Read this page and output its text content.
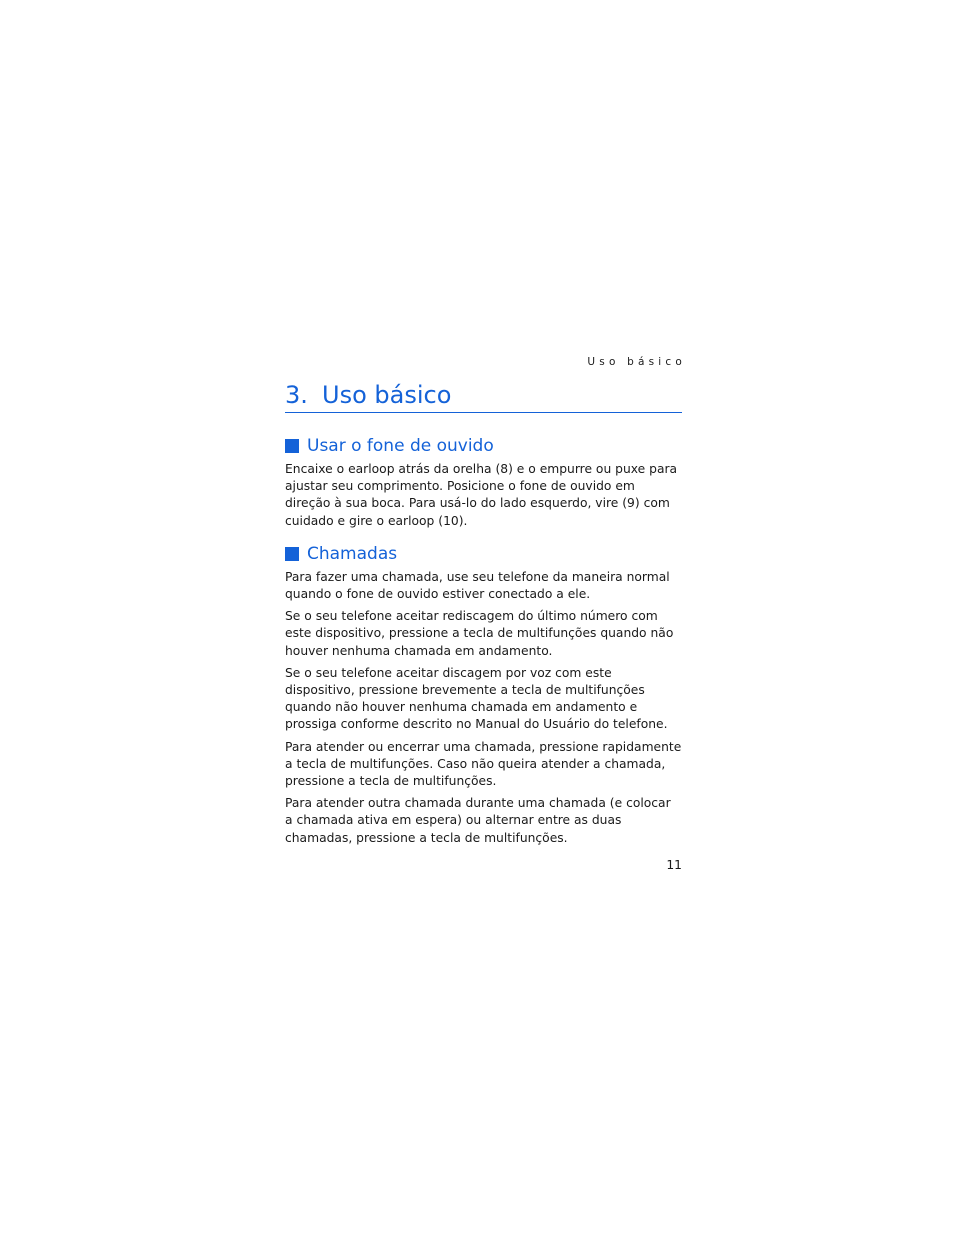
Uso básico
3. Uso básico
Usar o fone de ouvido

Encaixe o earloop atrás da orelha (8) e o empurre ou puxe para ajustar seu comprimento. Posicione o fone de ouvido em direção à sua boca. Para usá-lo do lado esquerdo, vire (9) com cuidado e gire o earloop (10).

Chamadas

Para fazer uma chamada, use seu telefone da maneira normal quando o fone de ouvido estiver conectado a ele.

Se o seu telefone aceitar rediscagem do último número com este dispositivo, pressione a tecla de multifunções quando não houver nenhuma chamada em andamento.

Se o seu telefone aceitar discagem por voz com este dispositivo, pressione brevemente a tecla de multifunções quando não houver nenhuma chamada em andamento e prossiga conforme descrito no Manual do Usuário do telefone.

Para atender ou encerrar uma chamada, pressione rapidamente a tecla de multifunções. Caso não queira atender a chamada, pressione a tecla de multifunções.

Para atender outra chamada durante uma chamada (e colocar a chamada ativa em espera) ou alternar entre as duas chamadas, pressione a tecla de multifunções.

11
